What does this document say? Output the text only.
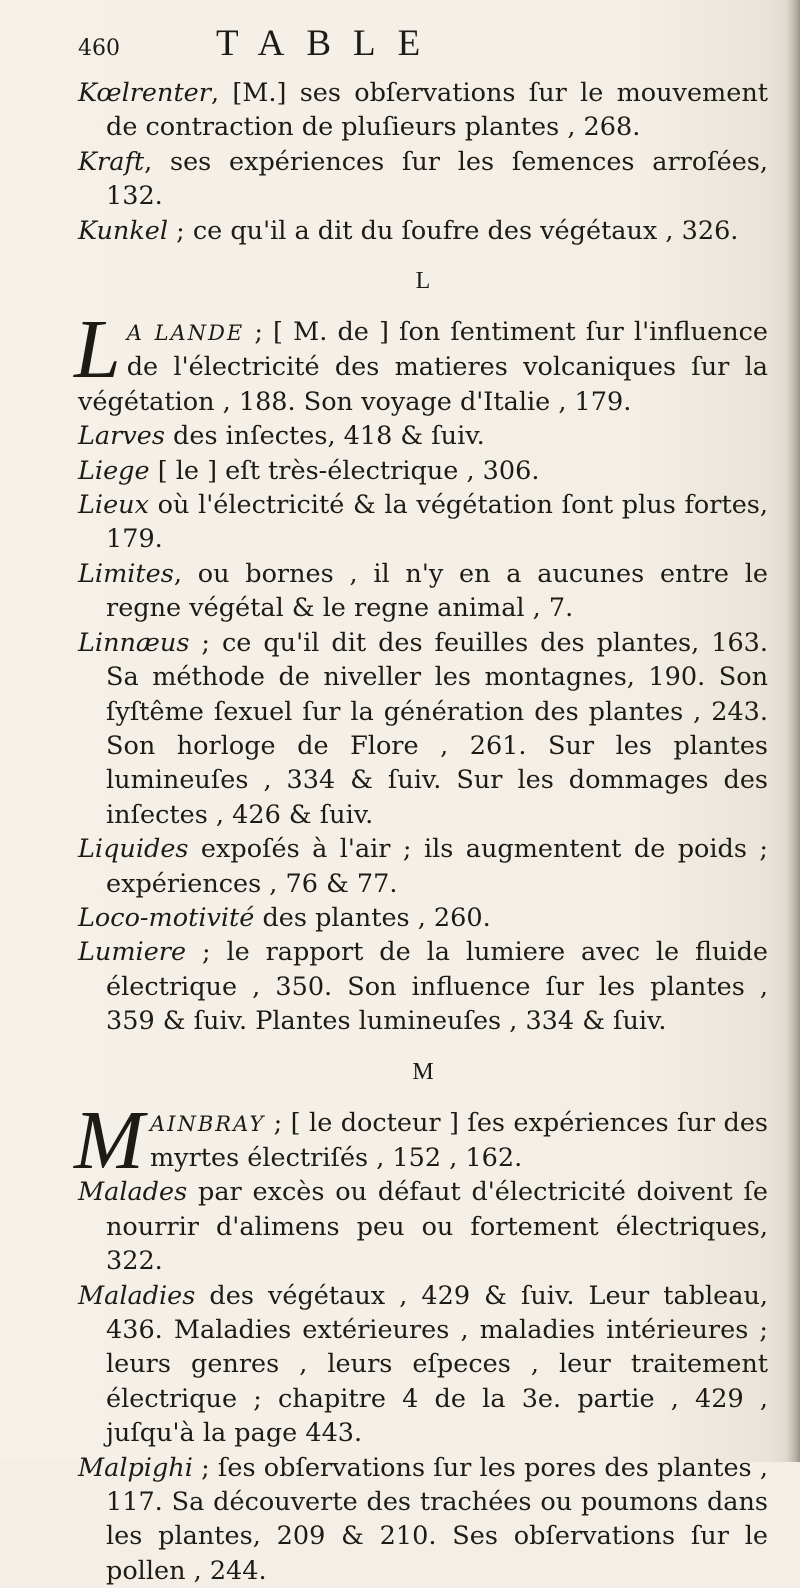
460	TABLE

Kœlrenter, [M.] ses obſervations ſur le mouvement de contraction de pluſieurs plantes , 268.

Kraft, ses expériences ſur les ſemences arroſées, 132.

Kunkel ; ce qu'il a dit du ſoufre des végétaux , 326.

L

L A LANDE ; [ M. de ] ſon ſentiment ſur l'influence de l'électricité des matieres volcaniques ſur la végétation , 188. Son voyage d'Italie , 179.

Larves des inſectes, 418 & ſuiv.

Liege [ le ] eſt très-électrique , 306.

Lieux où l'électricité & la végétation ſont plus fortes, 179.

Limites, ou bornes , il n'y en a aucunes entre le regne végétal & le regne animal , 7.

Linnæus ; ce qu'il dit des feuilles des plantes, 163. Sa méthode de niveller les montagnes, 190. Son ſyſtême ſexuel ſur la génération des plantes , 243. Son horloge de Flore , 261. Sur les plantes lumineuſes , 334 & ſuiv. Sur les dommages des inſectes , 426 & ſuiv.

Liquides expoſés à l'air ; ils augmentent de poids ; expériences , 76 & 77.

Loco-motivité des plantes , 260.

Lumiere ; le rapport de la lumiere avec le fluide électrique , 350. Son influence ſur les plantes , 359 & ſuiv. Plantes lumineuſes , 334 & ſuiv.

M

MAINBRAY ; [ le docteur ] ſes expériences ſur des myrtes électriſés , 152 , 162.

Malades par excès ou défaut d'électricité doivent ſe nourrir d'alimens peu ou fortement électriques, 322.

Maladies des végétaux , 429 & ſuiv. Leur tableau, 436. Maladies extérieures , maladies intérieures ; leurs genres , leurs eſpeces , leur traitement électrique ; chapitre 4 de la 3e. partie , 429 , juſqu'à la page 443.

Malpighi ; ſes obſervations ſur les pores des plantes , 117. Sa découverte des trachées ou poumons dans les plantes, 209 & 210. Ses obſervations ſur le pollen , 244.
